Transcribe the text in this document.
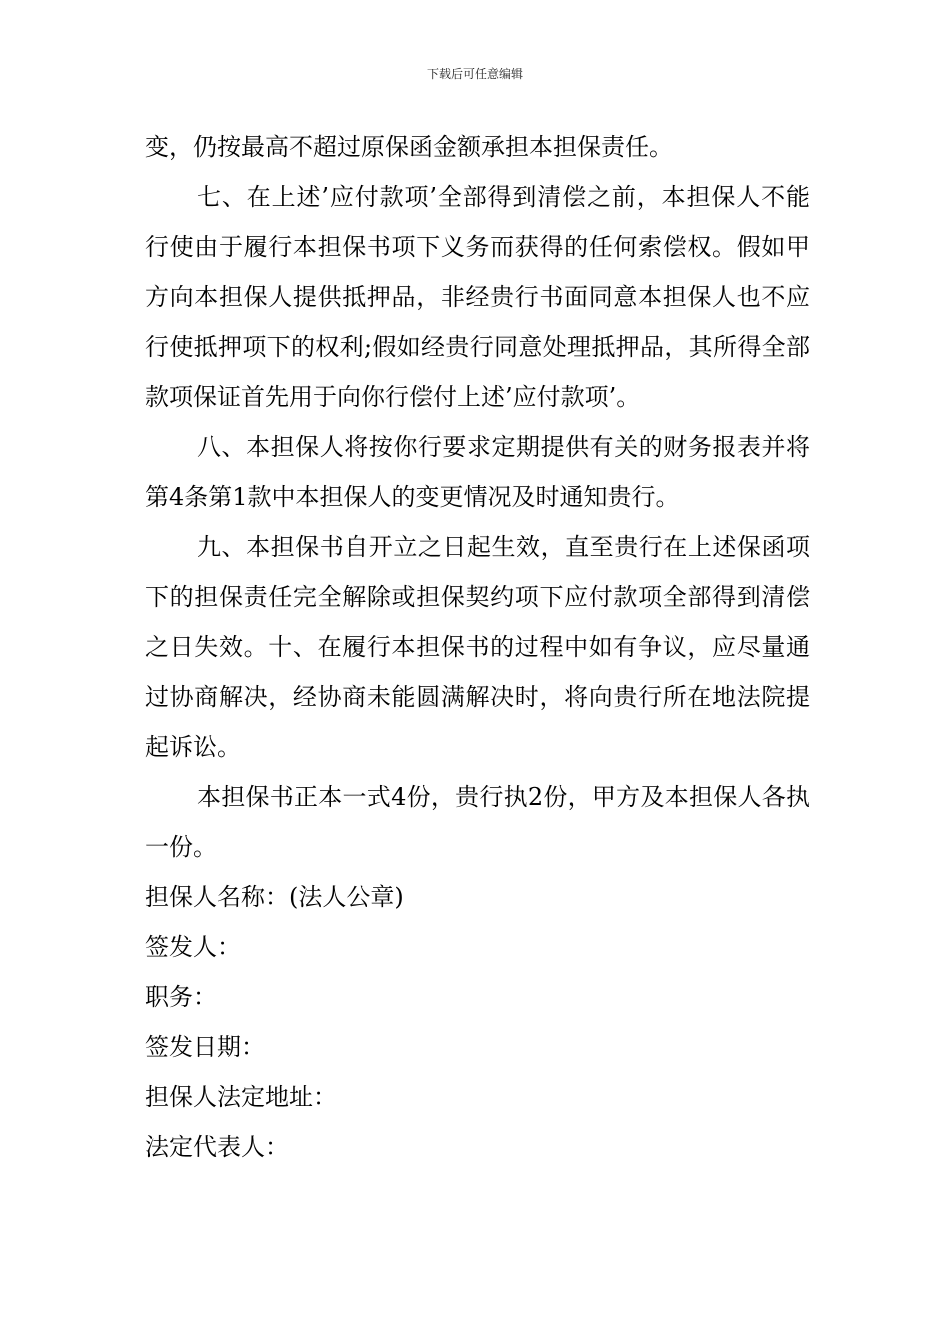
下载后可任意编辑

变，仍按最高不超过原保函金额承担本担保责任。

七、在上述’应付款项’全部得到清偿之前，本担保人不能行使由于履行本担保书项下义务而获得的任何索偿权。假如甲方向本担保人提供抵押品，非经贵行书面同意本担保人也不应行使抵押项下的权利;假如经贵行同意处理抵押品，其所得全部款项保证首先用于向你行偿付上述’应付款项’。

八、本担保人将按你行要求定期提供有关的财务报表并将第4条第1款中本担保人的变更情况及时通知贵行。

九、本担保书自开立之日起生效，直至贵行在上述保函项下的担保责任完全解除或担保契约项下应付款项全部得到清偿之日失效。十、在履行本担保书的过程中如有争议，应尽量通过协商解决，经协商未能圆满解决时，将向贵行所在地法院提起诉讼。

本担保书正本一式4份，贵行执2份，甲方及本担保人各执一份。

担保人名称：(法人公章)

签发人：

职务：

签发日期：

担保人法定地址：

法定代表人：
